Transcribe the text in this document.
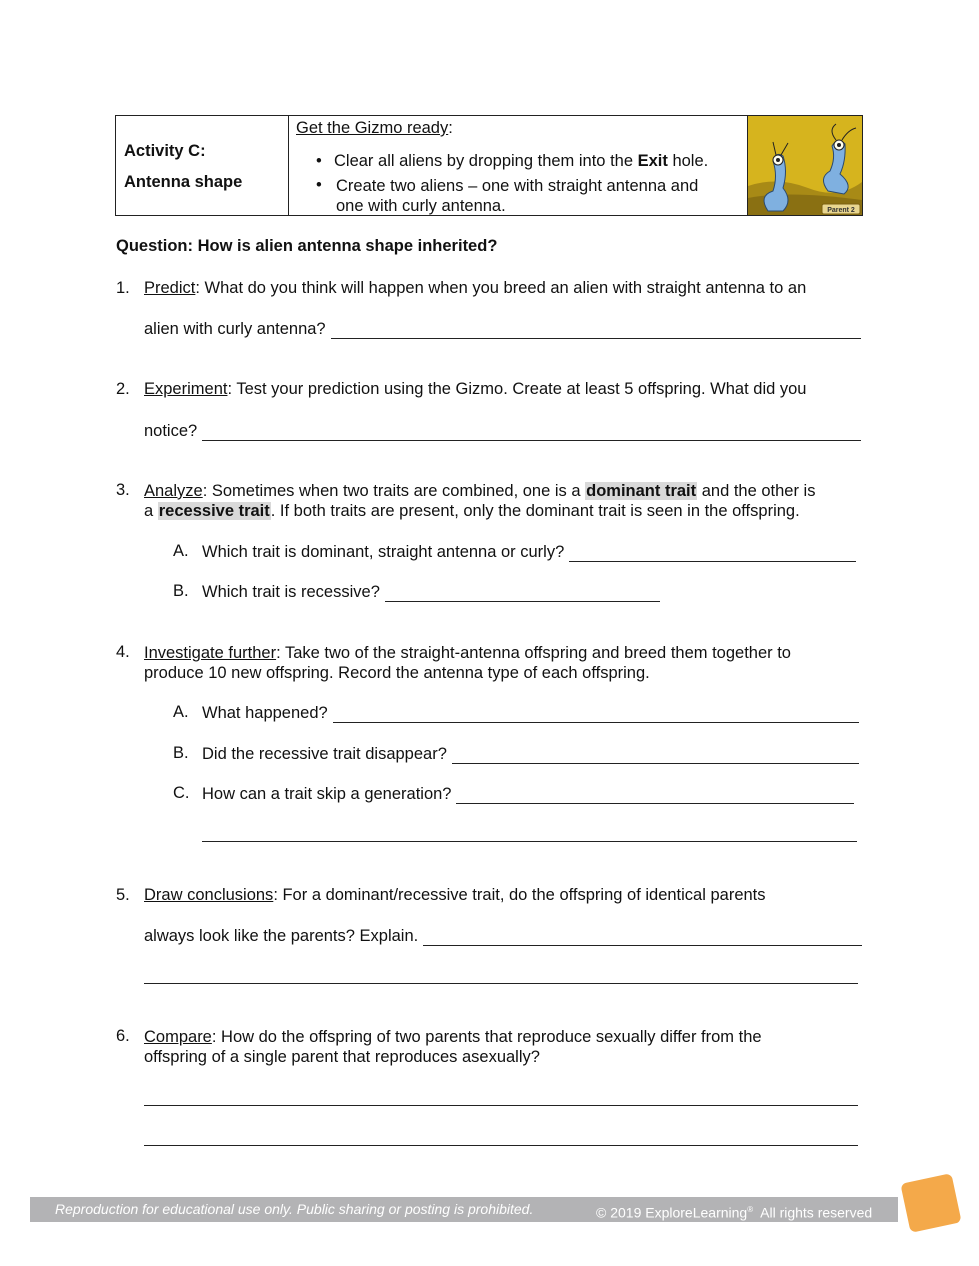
Activity C:
Antenna shape
Get the Gizmo ready:
• Clear all aliens by dropping them into the Exit hole.
• Create two aliens – one with straight antenna and
one with curly antenna.	Parent 2
Question: How is alien antenna shape inherited?
1. Predict: What do you think will happen when you breed an alien with straight antenna to an
alien with curly antenna?
2. Experiment: Test your prediction using the Gizmo. Create at least 5 offspring. What did you
notice?
3. Analyze: Sometimes when two traits are combined, one is a dominant trait and the other is
a recessive trait. If both traits are present, only the dominant trait is seen in the offspring.
A. Which trait is dominant, straight antenna or curly?
B. Which trait is recessive?
4. Investigate further: Take two of the straight-antenna offspring and breed them together to
produce 10 new offspring. Record the antenna type of each offspring.
A. What happened?
B. Did the recessive trait disappear?
C. How can a trait skip a generation?
5. Draw conclusions: For a dominant/recessive trait, do the offspring of identical parents
always look like the parents? Explain.
6. Compare: How do the offspring of two parents that reproduce sexually differ from the
offspring of a single parent that reproduces asexually?
Reproduction for educational use only. Public sharing or posting is prohibited.	© 2019 ExploreLearning® All rights reserved
